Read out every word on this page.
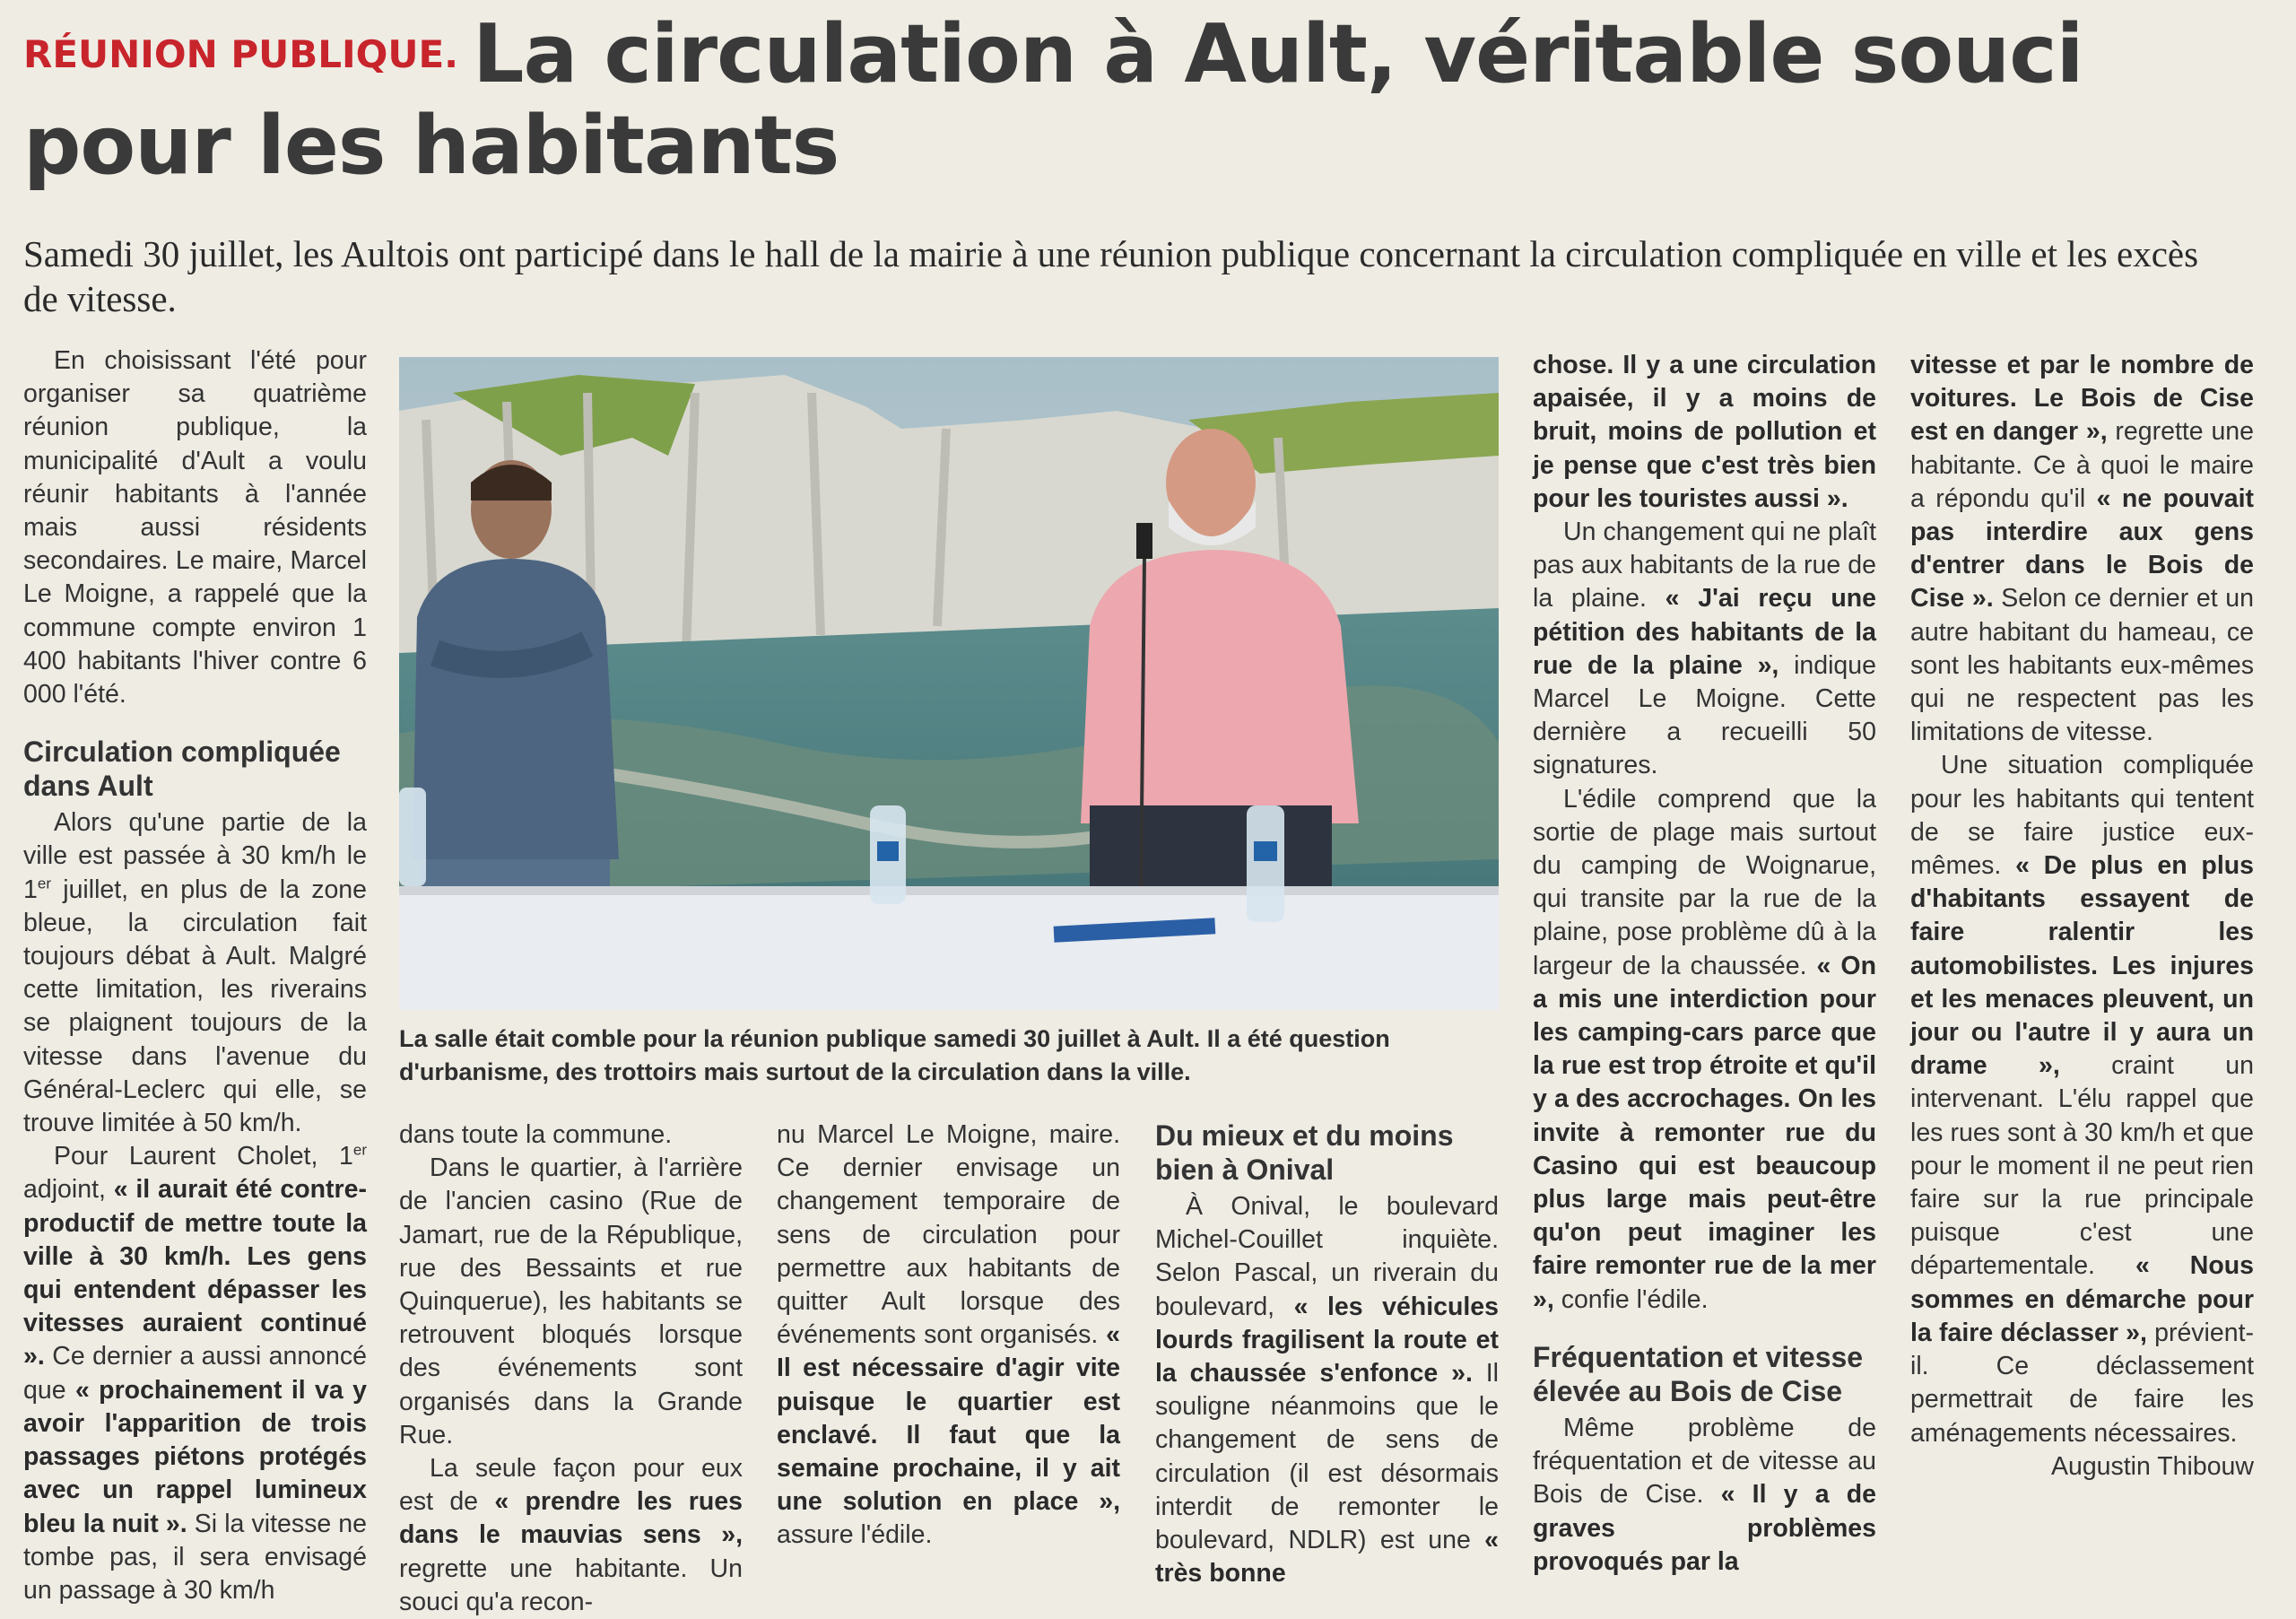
RÉUNION PUBLIQUE. La circulation à Ault, véritable souci pour les habitants
Samedi 30 juillet, les Aultois ont participé dans le hall de la mairie à une réunion publique concernant la circulation compliquée en ville et les excès de vitesse.

En choisissant l'été pour organiser sa quatrième réunion publique, la municipalité d'Ault a voulu réunir habitants à l'année mais aussi résidents secondaires. Le maire, Marcel Le Moigne, a rappelé que la commune compte environ 1 400 habitants l'hiver contre 6 000 l'été.

Circulation compliquée dans Ault

Alors qu'une partie de la ville est passée à 30 km/h le 1er juillet, en plus de la zone bleue, la circulation fait toujours débat à Ault. Malgré cette limitation, les riverains se plaignent toujours de la vitesse dans l'avenue du Général-Leclerc qui elle, se trouve limitée à 50 km/h.

Pour Laurent Cholet, 1er adjoint, « il aurait été contre-productif de mettre toute la ville à 30 km/h. Les gens qui entendent dépasser les vitesses auraient continué ». Ce dernier a aussi annoncé que « prochainement il va y avoir l'apparition de trois passages piétons protégés avec un rappel lumineux bleu la nuit ». Si la vitesse ne tombe pas, il sera envisagé un passage à 30 km/h

La salle était comble pour la réunion publique samedi 30 juillet à Ault. Il a été question d'urbanisme, des trottoirs mais surtout de la circulation dans la ville.

dans toute la commune.

Dans le quartier, à l'arrière de l'ancien casino (Rue de Jamart, rue de la République, rue des Bessaints et rue Quinquerue), les habitants se retrouvent bloqués lorsque des événements sont organisés dans la Grande Rue.

La seule façon pour eux est de « prendre les rues dans le mauvias sens », regrette une habitante. Un souci qu'a recon-

nu Marcel Le Moigne, maire. Ce dernier envisage un changement temporaire de sens de circulation pour permettre aux habitants de quitter Ault lorsque des événements sont organisés. « Il est nécessaire d'agir vite puisque le quartier est enclavé. Il faut que la semaine prochaine, il y ait une solution en place », assure l'édile.

Du mieux et du moins bien à Onival

À Onival, le boulevard Michel-Couillet inquiète. Selon Pascal, un riverain du boulevard, « les véhicules lourds fragilisent la route et la chaussée s'enfonce ». Il souligne néanmoins que le changement de sens de circulation (il est désormais interdit de remonter le boulevard, NDLR) est une « très bonne

chose. Il y a une circulation apaisée, il y a moins de bruit, moins de pollution et je pense que c'est très bien pour les touristes aussi ».

Un changement qui ne plaît pas aux habitants de la rue de la plaine. « J'ai reçu une pétition des habitants de la rue de la plaine », indique Marcel Le Moigne. Cette dernière a recueilli 50 signatures.

L'édile comprend que la sortie de plage mais surtout du camping de Woignarue, qui transite par la rue de la plaine, pose problème dû à la largeur de la chaussée. « On a mis une interdiction pour les camping-cars parce que la rue est trop étroite et qu'il y a des accrochages. On les invite à remonter rue du Casino qui est beaucoup plus large mais peut-être qu'on peut imaginer les faire remonter rue de la mer », confie l'édile.

Fréquentation et vitesse élevée au Bois de Cise

Même problème de fréquentation et de vitesse au Bois de Cise. « Il y a de graves problèmes provoqués par la

vitesse et par le nombre de voitures. Le Bois de Cise est en danger », regrette une habitante. Ce à quoi le maire a répondu qu'il « ne pouvait pas interdire aux gens d'entrer dans le Bois de Cise ». Selon ce dernier et un autre habitant du hameau, ce sont les habitants eux-mêmes qui ne respectent pas les limitations de vitesse.

Une situation compliquée pour les habitants qui tentent de se faire justice eux-mêmes. « De plus en plus d'habitants essayent de faire ralentir les automobilistes. Les injures et les menaces pleuvent, un jour ou l'autre il y aura un drame », craint un intervenant. L'élu rappel que les rues sont à 30 km/h et que pour le moment il ne peut rien faire sur la rue principale puisque c'est une départementale. « Nous sommes en démarche pour la faire déclasser », prévient-il. Ce déclassement permettrait de faire les aménagements nécessaires.

Augustin Thibouw
